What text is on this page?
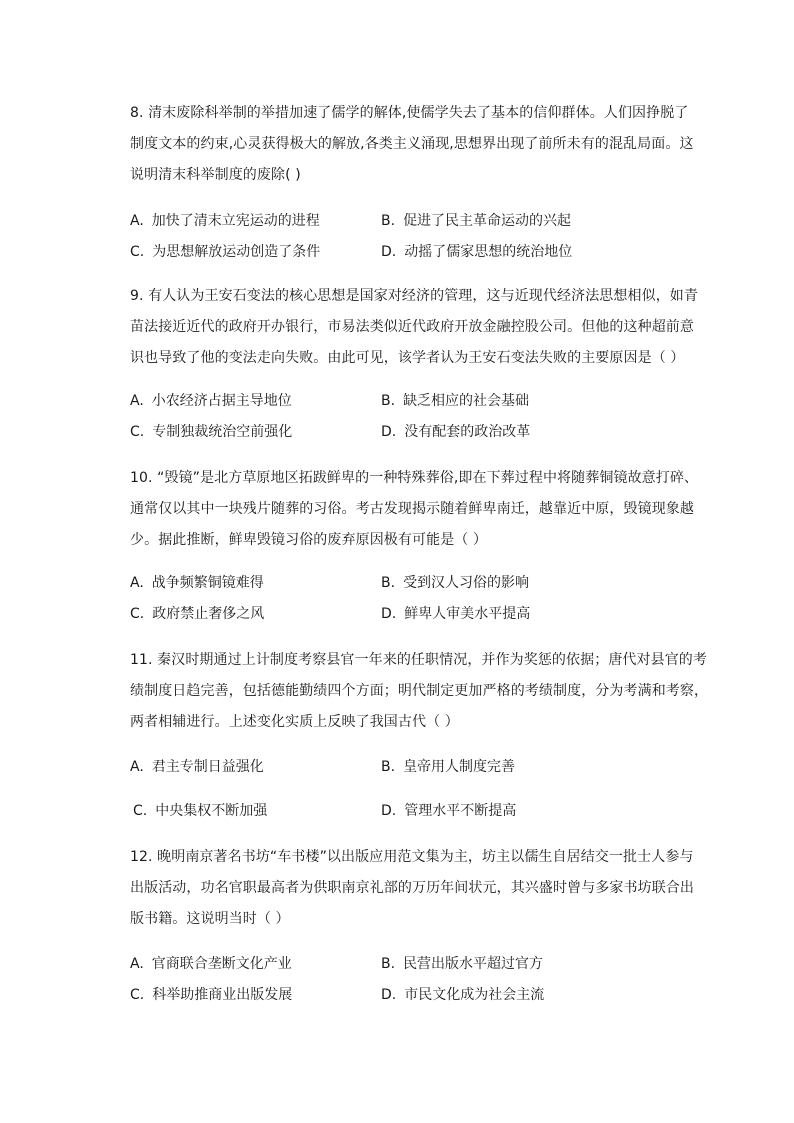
8. 清末废除科举制的举措加速了儒学的解体,使儒学失去了基本的信仰群体。人们因挣脱了
制度文本的约束,心灵获得极大的解放,各类主义涌现,思想界出现了前所未有的混乱局面。这
说明清末科举制度的废除( )
A. 加快了清末立宪运动的进程	B. 促进了民主革命运动的兴起
C. 为思想解放运动创造了条件	D. 动摇了儒家思想的统治地位
9. 有人认为王安石变法的核心思想是国家对经济的管理，这与近现代经济法思想相似，如青
苗法接近近代的政府开办银行，市易法类似近代政府开放金融控股公司。但他的这种超前意
识也导致了他的变法走向失败。由此可见，该学者认为王安石变法失败的主要原因是（ ）
A. 小农经济占据主导地位	B. 缺乏相应的社会基础
C. 专制独裁统治空前强化	D. 没有配套的政治改革
10. “毁镜”是北方草原地区拓跋鲜卑的一种特殊葬俗,即在下葬过程中将随葬铜镜故意打碎、
通常仅以其中一块残片随葬的习俗。考古发现揭示随着鲜卑南迁，越靠近中原，毁镜现象越
少。据此推断，鲜卑毁镜习俗的废弃原因极有可能是（ ）
A. 战争频繁铜镜难得	B. 受到汉人习俗的影响
C. 政府禁止奢侈之风	D. 鲜卑人审美水平提高
11. 秦汉时期通过上计制度考察县官一年来的任职情况，并作为奖惩的依据；唐代对县官的考
绩制度日趋完善，包括德能勤绩四个方面；明代制定更加严格的考绩制度，分为考满和考察，
两者相辅进行。上述变化实质上反映了我国古代（ ）
A. 君主专制日益强化	B. 皇帝用人制度完善
C. 中央集权不断加强	D. 管理水平不断提高
12. 晚明南京著名书坊“车书楼”以出版应用范文集为主，坊主以儒生自居结交一批士人参与
出版活动，功名官职最高者为供职南京礼部的万历年间状元，其兴盛时曾与多家书坊联合出
版书籍。这说明当时（ ）
A. 官商联合垄断文化产业	B. 民营出版水平超过官方
C. 科举助推商业出版发展	D. 市民文化成为社会主流
